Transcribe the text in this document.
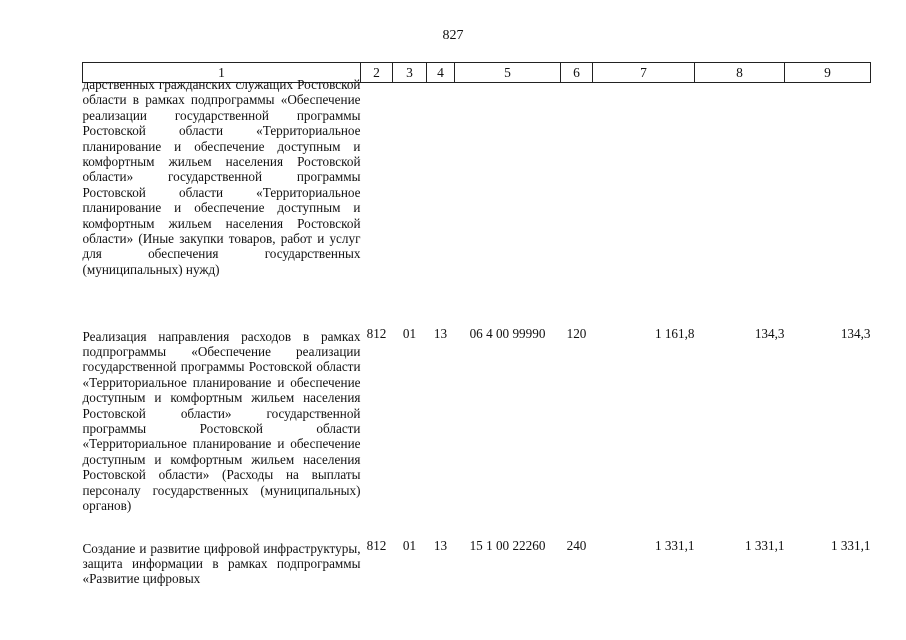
827
1	2	3	4	5	6	7	8	9

дарственных гражданских служащих Ростовской области в рамках подпрограммы «Обеспечение реализации государственной программы Ростовской области «Территориальное планирование и обеспечение доступным и комфортным жильем населения Ростовской области» государственной программы Ростовской области «Территориальное планирование и обеспечение доступным и комфортным жильем населения Ростовской области» (Иные закупки товаров, работ и услуг для обеспечения государственных (муниципальных) нужд)								

Реализация направления расходов в рамках подпрограммы «Обеспечение реализации государственной программы Ростовской области «Территориальное планирование и обеспечение доступным и комфортным жильем населения Ростовской области» государственной программы Ростовской области «Территориальное планирование и обеспечение доступным и комфортным жильем населения Ростовской области» (Расходы на выплаты персоналу государственных (муниципальных) органов)	812	01	13	06 4 00 99990	120	1 161,8	134,3	134,3

Создание и развитие цифровой инфраструктуры, защита информации в рамках подпрограммы «Развитие цифровых	812	01	13	15 1 00 22260	240	1 331,1	1 331,1	1 331,1
